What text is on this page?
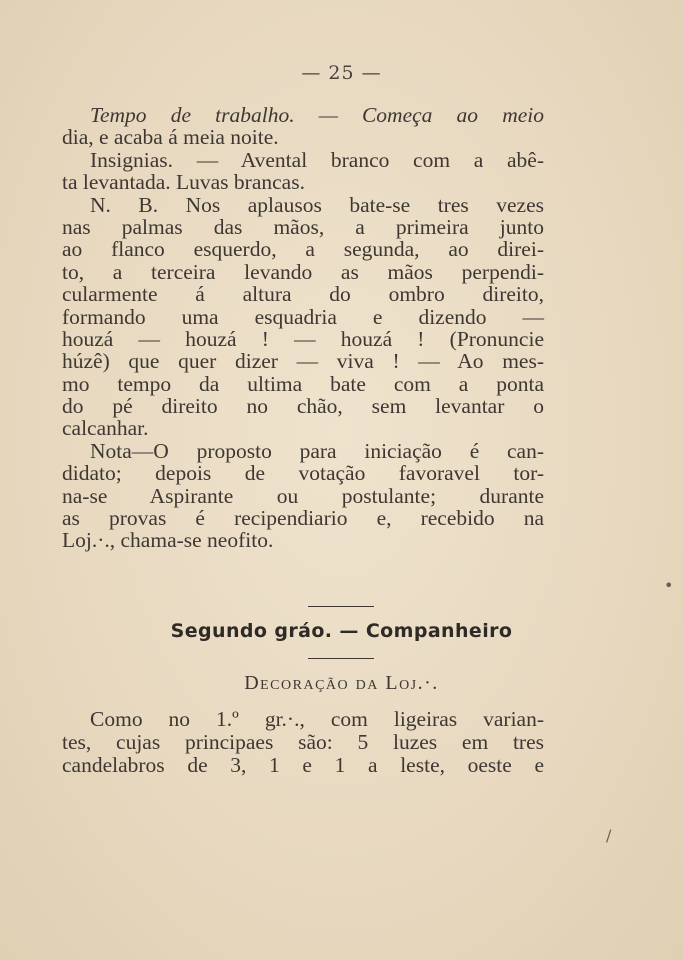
— 25 —
Tempo de trabalho. — Começa ao meio
dia, e acaba á meia noite.
Insignias. — Avental branco com a abê-
ta levantada. Luvas brancas.
N. B. Nos aplausos bate-se tres vezes
nas palmas das mãos, a primeira junto
ao flanco esquerdo, a segunda, ao direi-
to, a terceira levando as mãos perpendi-
cularmente á altura do ombro direito,
formando uma esquadria e dizendo —
houzá — houzá ! — houzá ! (Pronuncie
húzê) que quer dizer — viva ! — Ao mes-
mo tempo da ultima bate com a ponta
do pé direito no chão, sem levantar o
calcanhar.
Nota—O proposto para iniciação é can-
didato; depois de votação favoravel tor-
na-se Aspirante ou postulante; durante
as provas é recipendiario e, recebido na
Loj.·., chama-se neofito.
Segundo gráo. — Companheiro
Decoração da Loj.·.
Como no 1.º gr.·., com ligeiras varian-
tes, cujas principaes são: 5 luzes em tres
candelabros de 3, 1 e 1 a leste, oeste e
•
/
